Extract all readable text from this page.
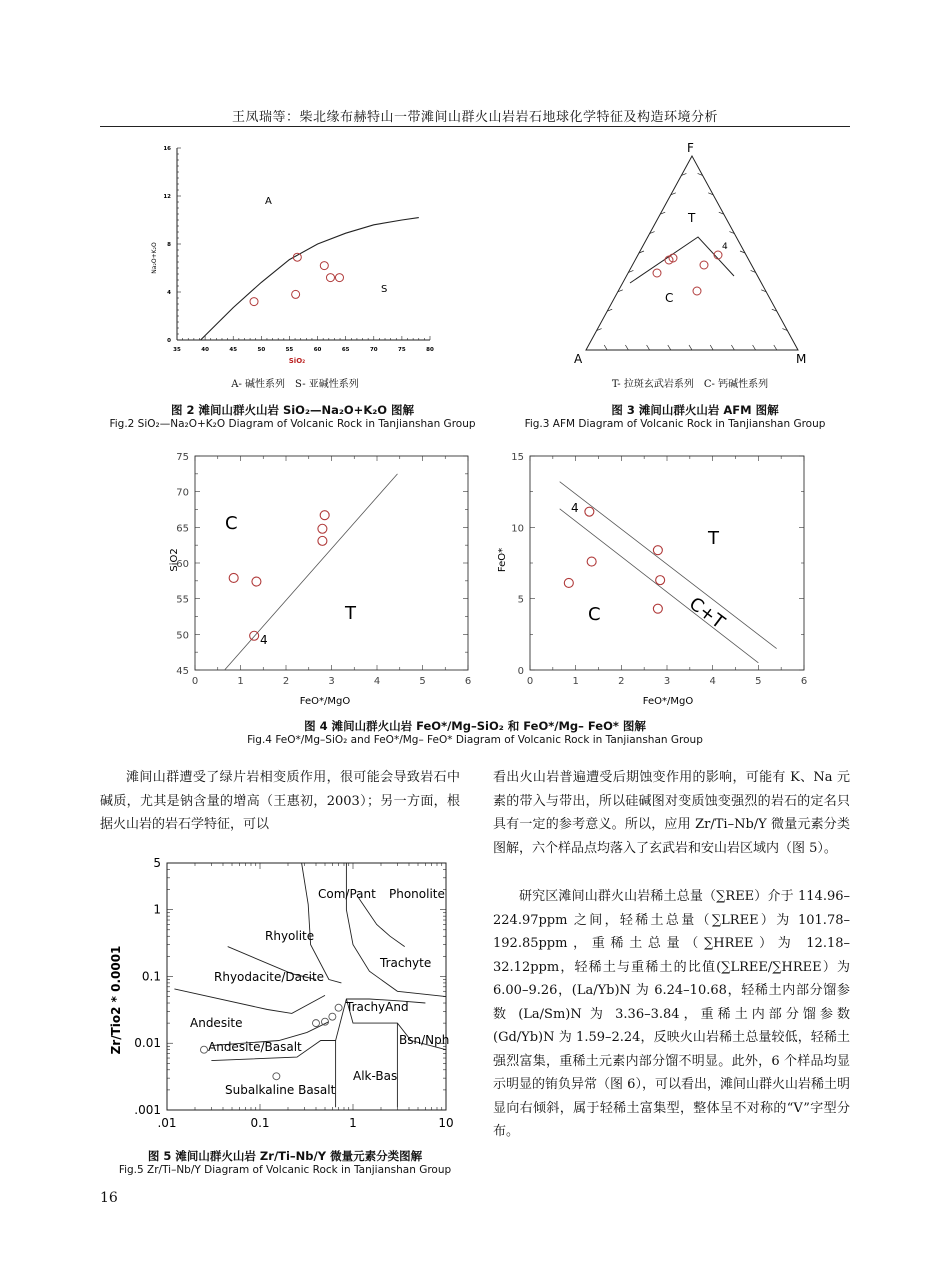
王凤瑞等：柴北缘布赫特山一带滩间山群火山岩岩石地球化学特征及构造环境分析
35	40	45	50	55	60	65	70	75	80
0
4
8
12
16
A
S
Na₂O+K₂O
SiO₂
A- 碱性系列　S- 亚碱性系列
图 2 滩间山群火山岩 SiO₂—Na₂O+K₂O 图解
Fig.2 SiO₂—Na₂O+K₂O Diagram of Volcanic Rock in Tanjianshan Group
F
A	M
T
C
4
T- 拉斑玄武岩系列　C- 钙碱性系列
图 3 滩间山群火山岩 AFM 图解
Fig.3 AFM Diagram of Volcanic Rock in Tanjianshan Group
0	1	2	3	4	5	6
45
50
55
60
65
70
75
C
T
4
SiO2
FeO*/MgO
0	1	2	3	4	5	6
0
5
10
15
T
C	C+T
4
FeO*
FeO*/MgO
图 4 滩间山群火山岩 FeO*/Mg–SiO₂ 和 FeO*/Mg– FeO* 图解
Fig.4 FeO*/Mg–SiO₂ and FeO*/Mg– FeO* Diagram of Volcanic Rock in Tanjianshan Group
滩间山群遭受了绿片岩相变质作用，很可能会导致岩石中碱质，尤其是钠含量的增高（王惠初，2003）；另一方面，根据火山岩的岩石学特征，可以
.01	0.1	1	10
.001
0.01
0.1
1
5
Com/Pant Phonolite
Rhyolite
Trachyte
Rhyodacite/Dacite
TrachyAnd
Andesite
Bsn/Nph
Andesite/Basalt
Alk-Bas
Subalkaline Basalt
Zr/Tio2 * 0.0001
图 5 滩间山群火山岩 Zr/Ti–Nb/Y 微量元素分类图解
Fig.5 Zr/Ti–Nb/Y Diagram of Volcanic Rock in Tanjianshan Group
看出火山岩普遍遭受后期蚀变作用的影响，可能有 K、Na 元素的带入与带出，所以硅碱图对变质蚀变强烈的岩石的定名只具有一定的参考意义。所以，应用 Zr/Ti–Nb/Y 微量元素分类图解，六个样品点均落入了玄武岩和安山岩区域内（图 5）。
研究区滩间山群火山岩稀土总量（∑REE）介于 114.96–224.97ppm 之间，轻稀土总量（∑LREE）为 101.78–192.85ppm，重稀土总量（∑HREE）为 12.18–32.12ppm，轻稀土与重稀土的比值(∑LREE/∑HREE）为 6.00–9.26，(La/Yb)N 为 6.24–10.68，轻稀土内部分馏参数 (La/Sm)N 为 3.36–3.84，重稀土内部分馏参数 (Gd/Yb)N 为 1.59–2.24，反映火山岩稀土总量较低，轻稀土强烈富集，重稀土元素内部分馏不明显。此外，6 个样品均显示明显的铕负异常（图 6），可以看出，滩间山群火山岩稀土明显向右倾斜，属于轻稀土富集型，整体呈不对称的“V”字型分布。
16
